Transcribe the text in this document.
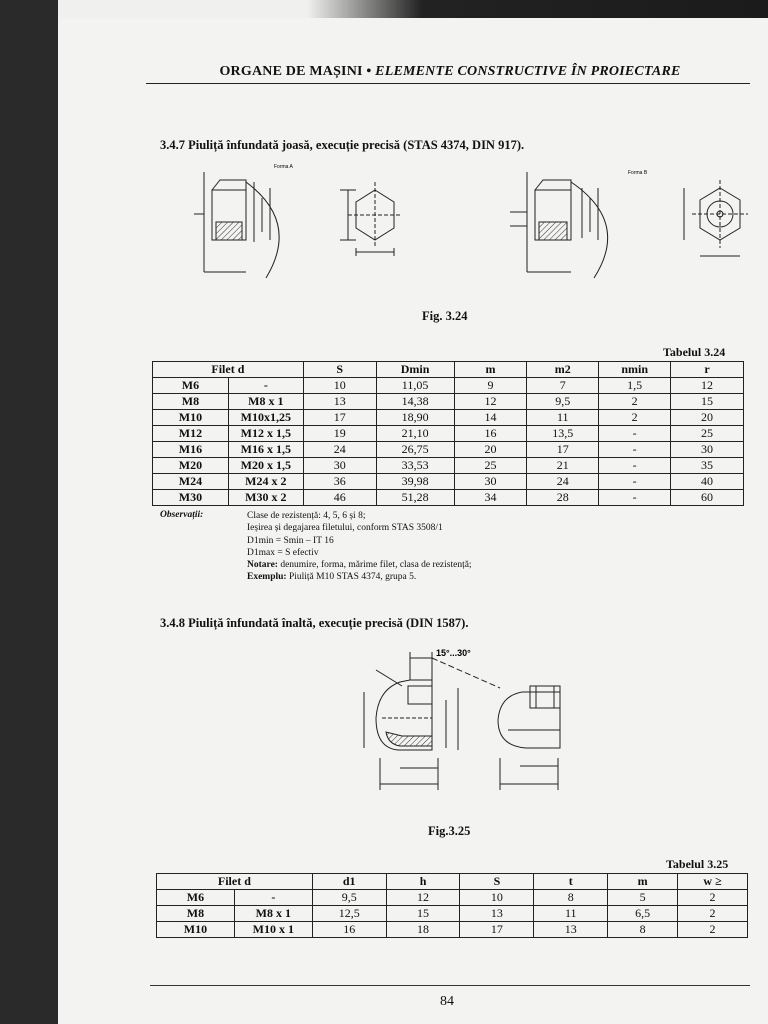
ORGANE DE MAȘINI • ELEMENTE CONSTRUCTIVE ÎN PROIECTARE
3.4.7 Piuliță înfundată joasă, execuție precisă (STAS 4374, DIN 917).
Forma A
Forma B
Fig. 3.24
Tabelul 3.24
Filet d		S	Dmin	m	m2	nmin	r
M6	-	10	11,05	9	7	1,5	12
M8	M8 x 1	13	14,38	12	9,5	2	15
M10	M10x1,25	17	18,90	14	11	2	20
M12	M12 x 1,5	19	21,10	16	13,5	-	25
M16	M16 x 1,5	24	26,75	20	17	-	30
M20	M20 x 1,5	30	33,53	25	21	-	35
M24	M24 x 2	36	39,98	30	24	-	40
M30	M30 x 2	46	51,28	34	28	-	60
Observații:	Clase de rezistență: 4, 5, 6 și 8;
Ieșirea și degajarea filetului, conform STAS 3508/1
D1min = Smin – IT 16
D1max = S efectiv
Notare: denumire, forma, mărime filet, clasa de rezistență;
Exemplu: Piuliță M10 STAS 4374, grupa 5.
3.4.8 Piuliță înfundată înaltă, execuție precisă (DIN 1587).
15°...30°
Fig.3.25
Tabelul 3.25
Filet d		d1	h	S	t	m	w ≥
M6	-	9,5	12	10	8	5	2
M8	M8 x 1	12,5	15	13	11	6,5	2
M10	M10 x 1	16	18	17	13	8	2
84
